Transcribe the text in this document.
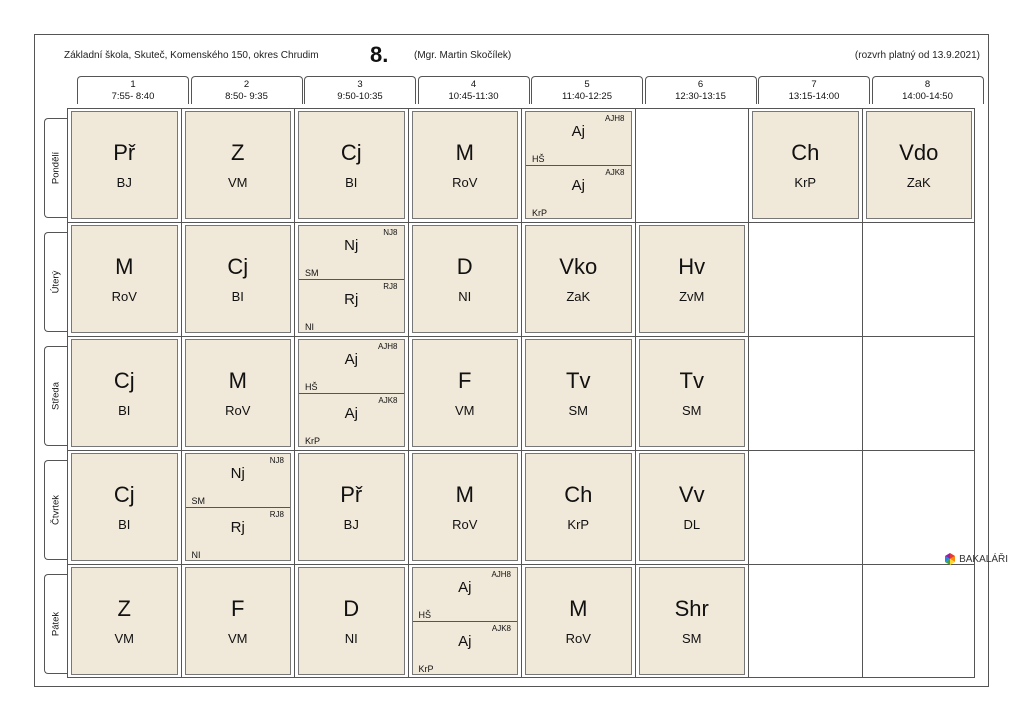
Základní škola, Skuteč, Komenského 150, okres Chrudim 8.	(Mgr. Martin Skočílek)	(rozvrh platný od 13.9.2021)
1
7:55- 8:40
2
8:50- 9:35
3
9:50-10:35
4
10:45-11:30
5
11:40-12:25
6
12:30-13:15
7
13:15-14:00
8
14:00-14:50
Pondělí
Úterý
Středa
Čtvrtek
Pátek
Př
BJ
Z
VM
Cj
BI
M
RoV
AJH8
Aj
HŠ
AJK8
Aj
KrP
Ch
KrP
Vdo
ZaK
M
RoV
Cj
BI
NJ8
Nj
SM
RJ8
Rj
NI
D
NI
Vko
ZaK
Hv
ZvM
Cj
BI
M
RoV
AJH8
Aj
HŠ
AJK8
Aj
KrP
F
VM
Tv
SM
Tv
SM
Cj
BI
NJ8
Nj
SM
RJ8
Rj
NI
Př
BJ
M
RoV
Ch
KrP
Vv
DL
Z
VM
F
VM
D
NI
AJH8
Aj
HŠ
AJK8
Aj
KrP
M
RoV
Shr
SM
BAKALÁŘI
